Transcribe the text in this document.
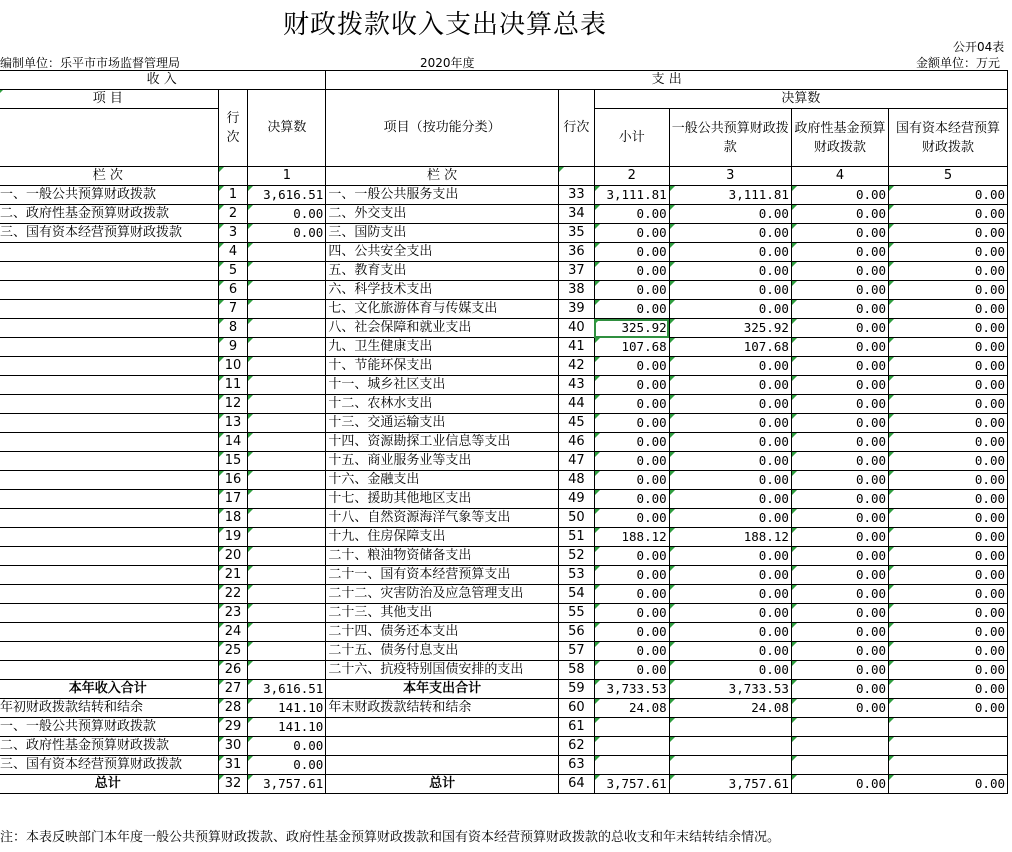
财政拨款收入支出决算总表
公开04表
编制单位：乐平市市场监督管理局	2020年度	金额单位：万元
收 入			支 出						
项 目	行次	决算数	项目（按功能分类）	行次	决算数				
					小计	一般公共预算财政拨款	政府性基金预算财政拨款	国有资本经营预算财政拨款	

栏 次		1	栏 次		2	3	4	5	
一、一般公共预算财政拨款	1	3,616.51	一、一般公共服务支出	33	3,111.81	3,111.81	0.00	0.00	
二、政府性基金预算财政拨款	2	0.00	二、外交支出	34	0.00	0.00	0.00	0.00	
三、国有资本经营预算财政拨款	3	0.00	三、国防支出	35	0.00	0.00	0.00	0.00	
	4		四、公共安全支出	36	0.00	0.00	0.00	0.00	
	5		五、教育支出	37	0.00	0.00	0.00	0.00	
	6		六、科学技术支出	38	0.00	0.00	0.00	0.00	
	7		七、文化旅游体育与传媒支出	39	0.00	0.00	0.00	0.00	
	8		八、社会保障和就业支出	40	325.92	325.92	0.00	0.00	
	9		九、卫生健康支出	41	107.68	107.68	0.00	0.00	
	10		十、节能环保支出	42	0.00	0.00	0.00	0.00	
	11		十一、城乡社区支出	43	0.00	0.00	0.00	0.00	
	12		十二、农林水支出	44	0.00	0.00	0.00	0.00	
	13		十三、交通运输支出	45	0.00	0.00	0.00	0.00	
	14		十四、资源勘探工业信息等支出	46	0.00	0.00	0.00	0.00	
	15		十五、商业服务业等支出	47	0.00	0.00	0.00	0.00	
	16		十六、金融支出	48	0.00	0.00	0.00	0.00	
	17		十七、援助其他地区支出	49	0.00	0.00	0.00	0.00	
	18		十八、自然资源海洋气象等支出	50	0.00	0.00	0.00	0.00	
	19		十九、住房保障支出	51	188.12	188.12	0.00	0.00	
	20		二十、粮油物资储备支出	52	0.00	0.00	0.00	0.00	
	21		二十一、国有资本经营预算支出	53	0.00	0.00	0.00	0.00	
	22		二十二、灾害防治及应急管理支出	54	0.00	0.00	0.00	0.00	
	23		二十三、其他支出	55	0.00	0.00	0.00	0.00	
	24		二十四、债务还本支出	56	0.00	0.00	0.00	0.00	
	25		二十五、债务付息支出	57	0.00	0.00	0.00	0.00	
	26		二十六、抗疫特别国债安排的支出	58	0.00	0.00	0.00	0.00	
本年收入合计	27	3,616.51	本年支出合计	59	3,733.53	3,733.53	0.00	0.00	
年初财政拨款结转和结余	28	141.10	年末财政拨款结转和结余	60	24.08	24.08	0.00	0.00	
一、一般公共预算财政拨款	29	141.10		61					
二、政府性基金预算财政拨款	30	0.00		62					
三、国有资本经营预算财政拨款	31	0.00		63					
总计	32	3,757.61	总计	64	3,757.61	3,757.61	0.00	0.00	
注：本表反映部门本年度一般公共预算财政拨款、政府性基金预算财政拨款和国有资本经营预算财政拨款的总收支和年末结转结余情况。
